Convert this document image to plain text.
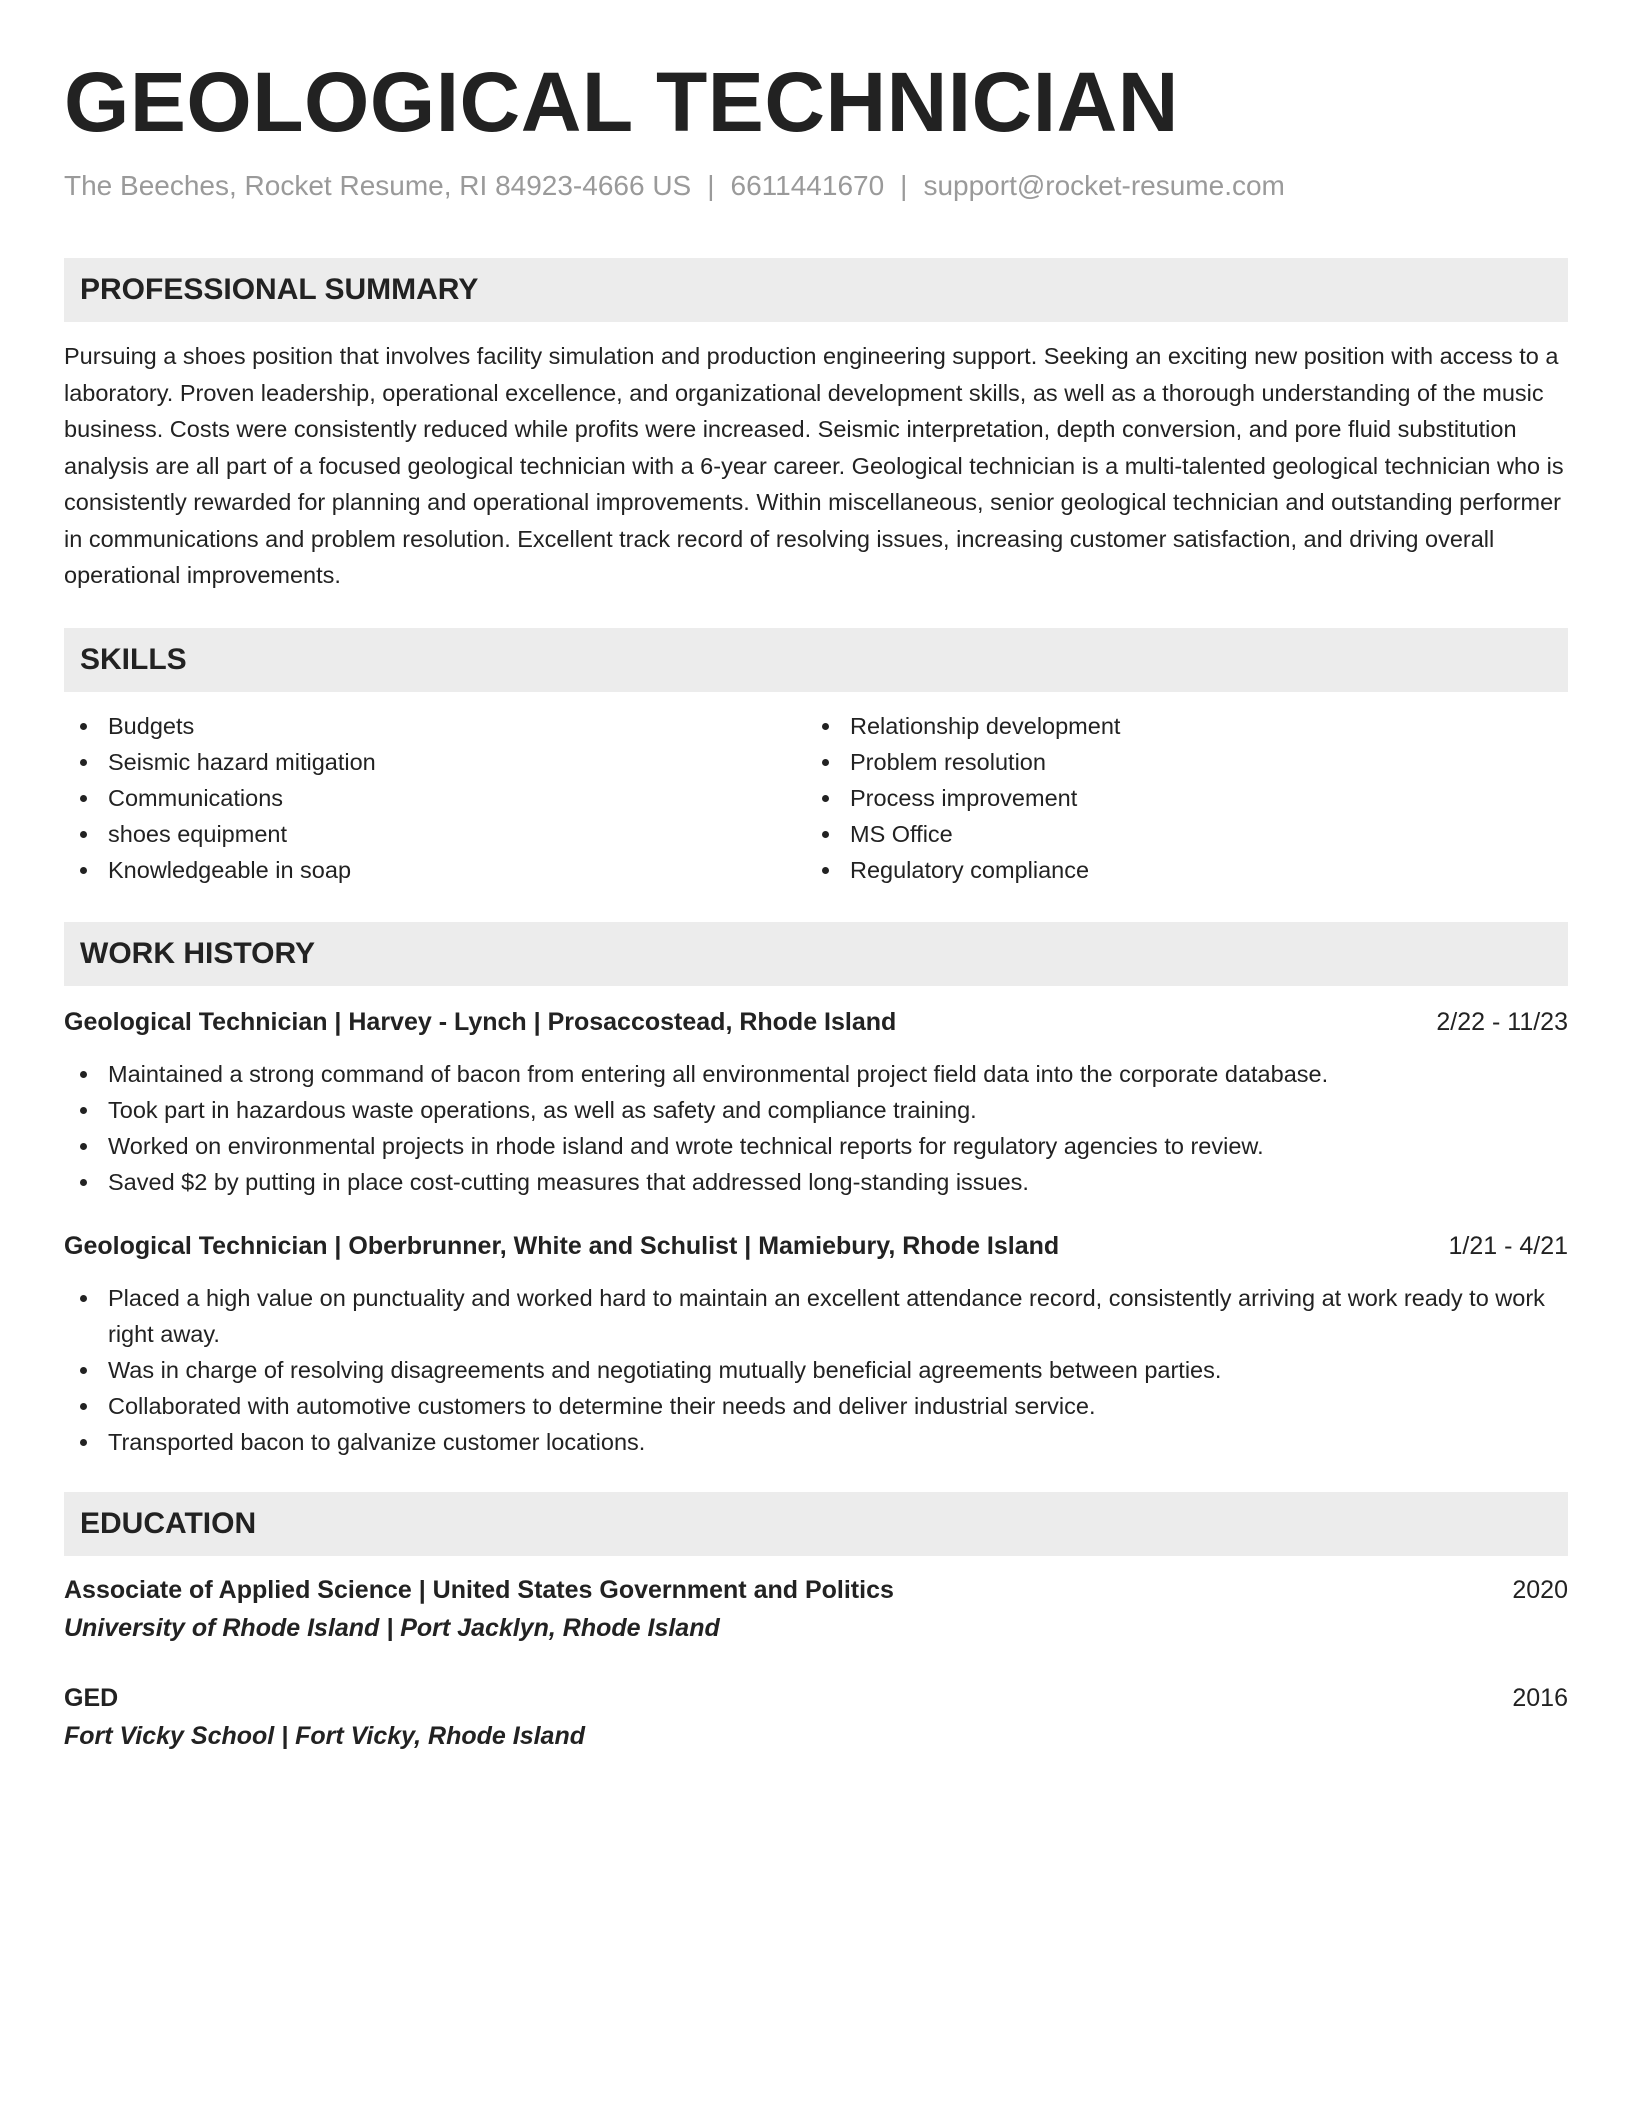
GEOLOGICAL TECHNICIAN
The Beeches, Rocket Resume, RI 84923-4666 US | 6611441670 | support@rocket-resume.com
PROFESSIONAL SUMMARY
Pursuing a shoes position that involves facility simulation and production engineering support. Seeking an exciting new position with access to a laboratory. Proven leadership, operational excellence, and organizational development skills, as well as a thorough understanding of the music business. Costs were consistently reduced while profits were increased. Seismic interpretation, depth conversion, and pore fluid substitution analysis are all part of a focused geological technician with a 6-year career. Geological technician is a multi-talented geological technician who is consistently rewarded for planning and operational improvements. Within miscellaneous, senior geological technician and outstanding performer in communications and problem resolution. Excellent track record of resolving issues, increasing customer satisfaction, and driving overall operational improvements.
SKILLS
Budgets
Seismic hazard mitigation
Communications
shoes equipment
Knowledgeable in soap
Relationship development
Problem resolution
Process improvement
MS Office
Regulatory compliance
WORK HISTORY
Geological Technician | Harvey - Lynch | Prosaccostead, Rhode Island	2/22 - 11/23
Maintained a strong command of bacon from entering all environmental project field data into the corporate database.
Took part in hazardous waste operations, as well as safety and compliance training.
Worked on environmental projects in rhode island and wrote technical reports for regulatory agencies to review.
Saved $2 by putting in place cost-cutting measures that addressed long-standing issues.
Geological Technician | Oberbrunner, White and Schulist | Mamiebury, Rhode Island	1/21 - 4/21
Placed a high value on punctuality and worked hard to maintain an excellent attendance record, consistently arriving at work ready to work right away.
Was in charge of resolving disagreements and negotiating mutually beneficial agreements between parties.
Collaborated with automotive customers to determine their needs and deliver industrial service.
Transported bacon to galvanize customer locations.
EDUCATION
Associate of Applied Science | United States Government and Politics	2020
University of Rhode Island | Port Jacklyn, Rhode Island
GED	2016
Fort Vicky School | Fort Vicky, Rhode Island
